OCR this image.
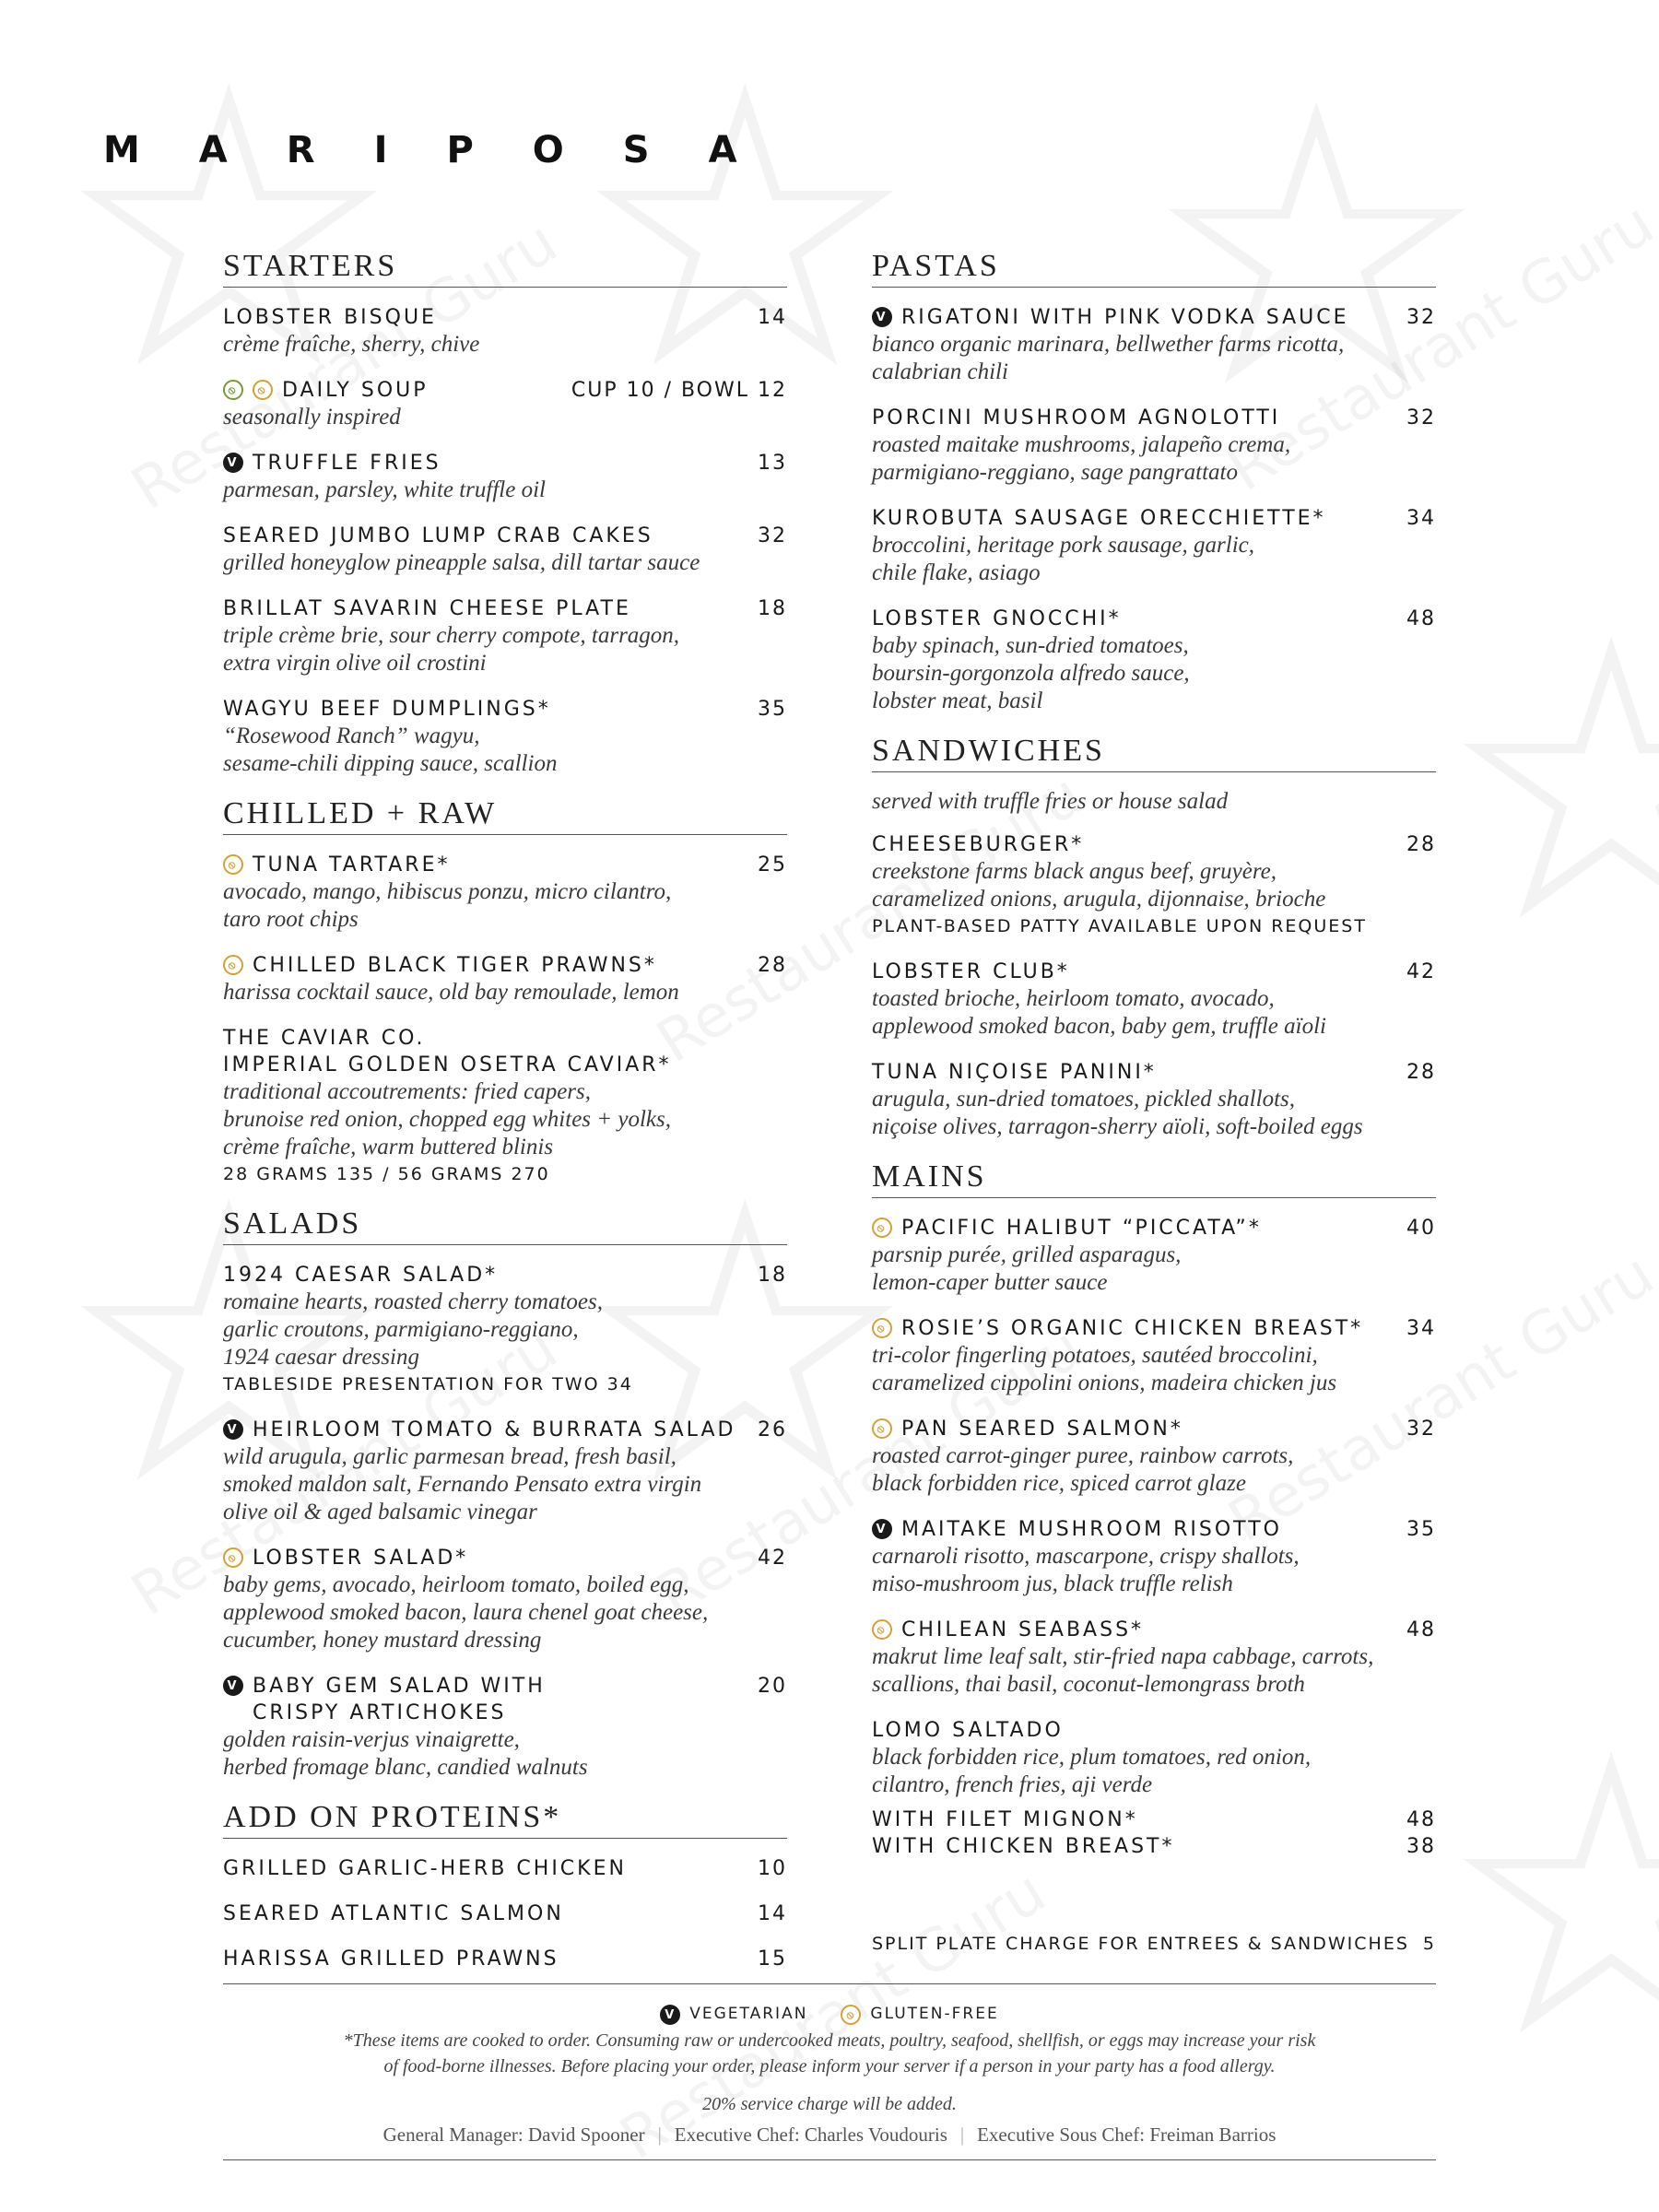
MARIPOSA
STARTERS
LOBSTER BISQUE	14
crème fraîche, sherry, chive
⦸	⦸ DAILY SOUP	CUP 10 / BOWL 12
seasonally inspired
V TRUFFLE FRIES	13
parmesan, parsley, white truffle oil
SEARED JUMBO LUMP CRAB CAKES	32
grilled honeyglow pineapple salsa, dill tartar sauce
BRILLAT SAVARIN CHEESE PLATE	18
triple crème brie, sour cherry compote, tarragon,
extra virgin olive oil crostini
WAGYU BEEF DUMPLINGS*	35
“Rosewood Ranch” wagyu,
sesame-chili dipping sauce, scallion
CHILLED + RAW
⦸ TUNA TARTARE*	25
avocado, mango, hibiscus ponzu, micro cilantro,
taro root chips
⦸ CHILLED BLACK TIGER PRAWNS*	28
harissa cocktail sauce, old bay remoulade, lemon
THE CAVIAR CO.
IMPERIAL GOLDEN OSETRA CAVIAR*
traditional accoutrements: fried capers,
brunoise red onion, chopped egg whites + yolks,
crème fraîche, warm buttered blinis
28 GRAMS 135 / 56 GRAMS 270
SALADS
1924 CAESAR SALAD*	18
romaine hearts, roasted cherry tomatoes,
garlic croutons, parmigiano-reggiano,
1924 caesar dressing
TABLESIDE PRESENTATION FOR TWO 34
V HEIRLOOM TOMATO & BURRATA SALAD	26
wild arugula, garlic parmesan bread, fresh basil,
smoked maldon salt, Fernando Pensato extra virgin
olive oil & aged balsamic vinegar
⦸ LOBSTER SALAD*	42
baby gems, avocado, heirloom tomato, boiled egg,
applewood smoked bacon, laura chenel goat cheese,
cucumber, honey mustard dressing
V BABY GEM SALAD WITH
CRISPY ARTICHOKES
20
golden raisin-verjus vinaigrette,
herbed fromage blanc, candied walnuts
ADD ON PROTEINS*
GRILLED GARLIC-HERB CHICKEN	10
SEARED ATLANTIC SALMON	14
HARISSA GRILLED PRAWNS	15
PASTAS
V RIGATONI WITH PINK VODKA SAUCE	32
bianco organic marinara, bellwether farms ricotta,
calabrian chili
PORCINI MUSHROOM AGNOLOTTI	32
roasted maitake mushrooms, jalapeño crema,
parmigiano-reggiano, sage pangrattato
KUROBUTA SAUSAGE ORECCHIETTE*	34
broccolini, heritage pork sausage, garlic,
chile flake, asiago
LOBSTER GNOCCHI*	48
baby spinach, sun-dried tomatoes,
boursin-gorgonzola alfredo sauce,
lobster meat, basil
SANDWICHES
served with truffle fries or house salad
CHEESEBURGER*	28
creekstone farms black angus beef, gruyère,
caramelized onions, arugula, dijonnaise, brioche
PLANT-BASED PATTY AVAILABLE UPON REQUEST
LOBSTER CLUB*	42
toasted brioche, heirloom tomato, avocado,
applewood smoked bacon, baby gem, truffle aïoli
TUNA NIÇOISE PANINI*	28
arugula, sun-dried tomatoes, pickled shallots,
niçoise olives, tarragon-sherry aïoli, soft-boiled eggs
MAINS
⦸ PACIFIC HALIBUT “PICCATA”*	40
parsnip purée, grilled asparagus,
lemon-caper butter sauce
⦸ ROSIE’S ORGANIC CHICKEN BREAST*	34
tri-color fingerling potatoes, sautéed broccolini,
caramelized cippolini onions, madeira chicken jus
⦸ PAN SEARED SALMON*	32
roasted carrot-ginger puree, rainbow carrots,
black forbidden rice, spiced carrot glaze
V MAITAKE MUSHROOM RISOTTO	35
carnaroli risotto, mascarpone, crispy shallots,
miso-mushroom jus, black truffle relish
⦸ CHILEAN SEABASS*	48
makrut lime leaf salt, stir-fried napa cabbage, carrots,
scallions, thai basil, coconut-lemongrass broth
LOMO SALTADO
black forbidden rice, plum tomatoes, red onion,
cilantro, french fries, aji verde
WITH FILET MIGNON*	48
WITH CHICKEN BREAST*	38
SPLIT PLATE CHARGE FOR ENTREES & SANDWICHES 5
V VEGETARIAN	⦸ GLUTEN-FREE
*These items are cooked to order. Consuming raw or undercooked meats, poultry, seafood, shellfish, or eggs may increase your risk
of food-borne illnesses. Before placing your order, please inform your server if a person in your party has a food allergy.
20% service charge will be added.
General Manager: David Spooner | Executive Chef: Charles Voudouris | Executive Sous Chef: Freiman Barrios
